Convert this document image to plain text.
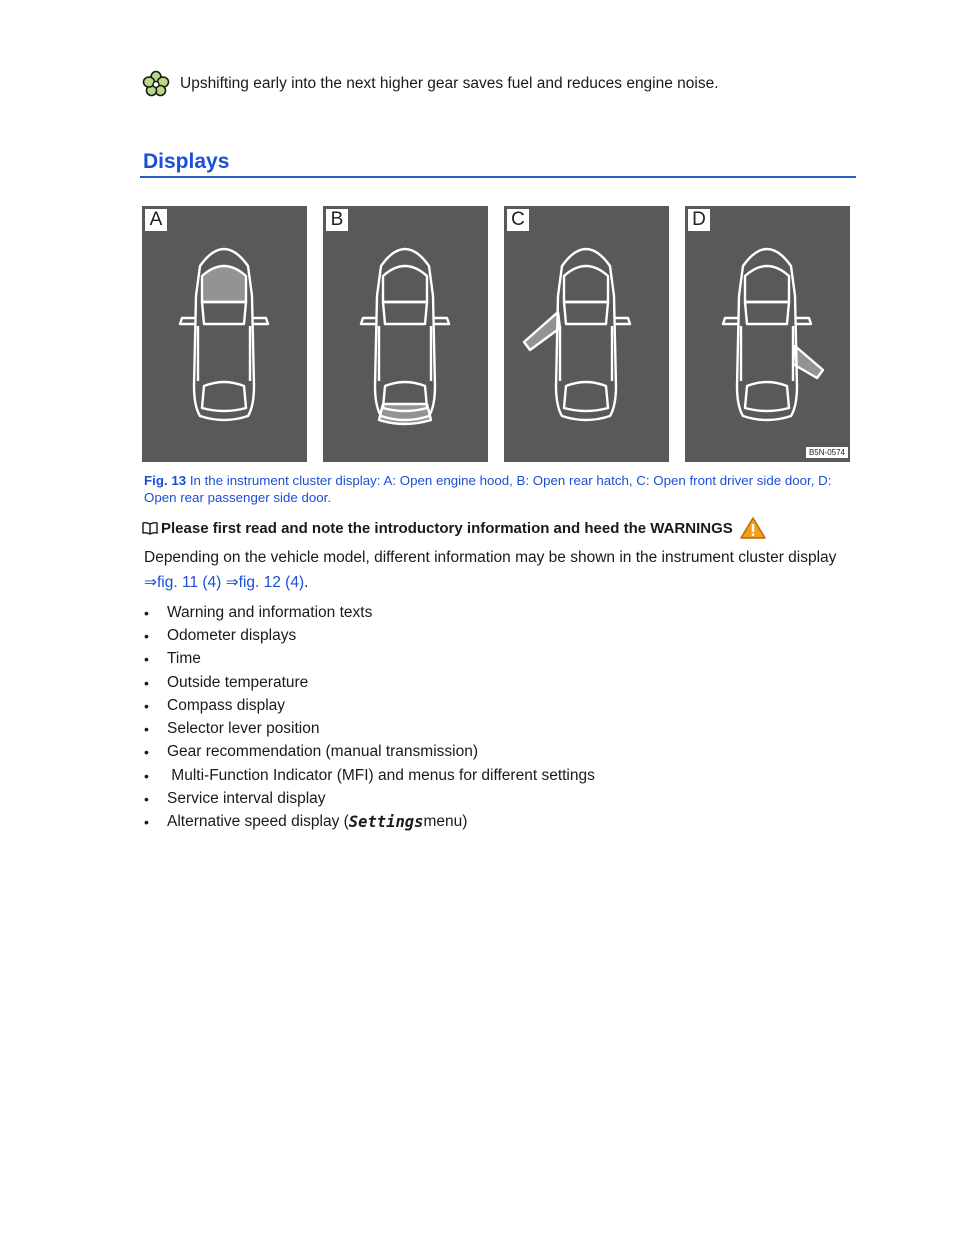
Upshifting early into the next higher gear saves fuel and reduces engine noise.
Displays
A	B	C	D
B5N-0574
Fig. 13 In the instrument cluster display: A: Open engine hood, B: Open rear hatch, C: Open front driver side door, D: Open rear passenger side door.
Please first read and note the introductory information and heed the WARNINGS
Depending on the vehicle model, different information may be shown in the instrument cluster display
⇒fig. 11 (4) ⇒fig. 12 (4).
•	Warning and information texts
•	Odometer displays
•	Time
•	Outside temperature
•	Compass display
•	Selector lever position
•	Gear recommendation (manual transmission)
•	Multi-Function Indicator (MFI) and menus for different settings
•	Service interval display
•	Alternative speed display ( Settings menu)
